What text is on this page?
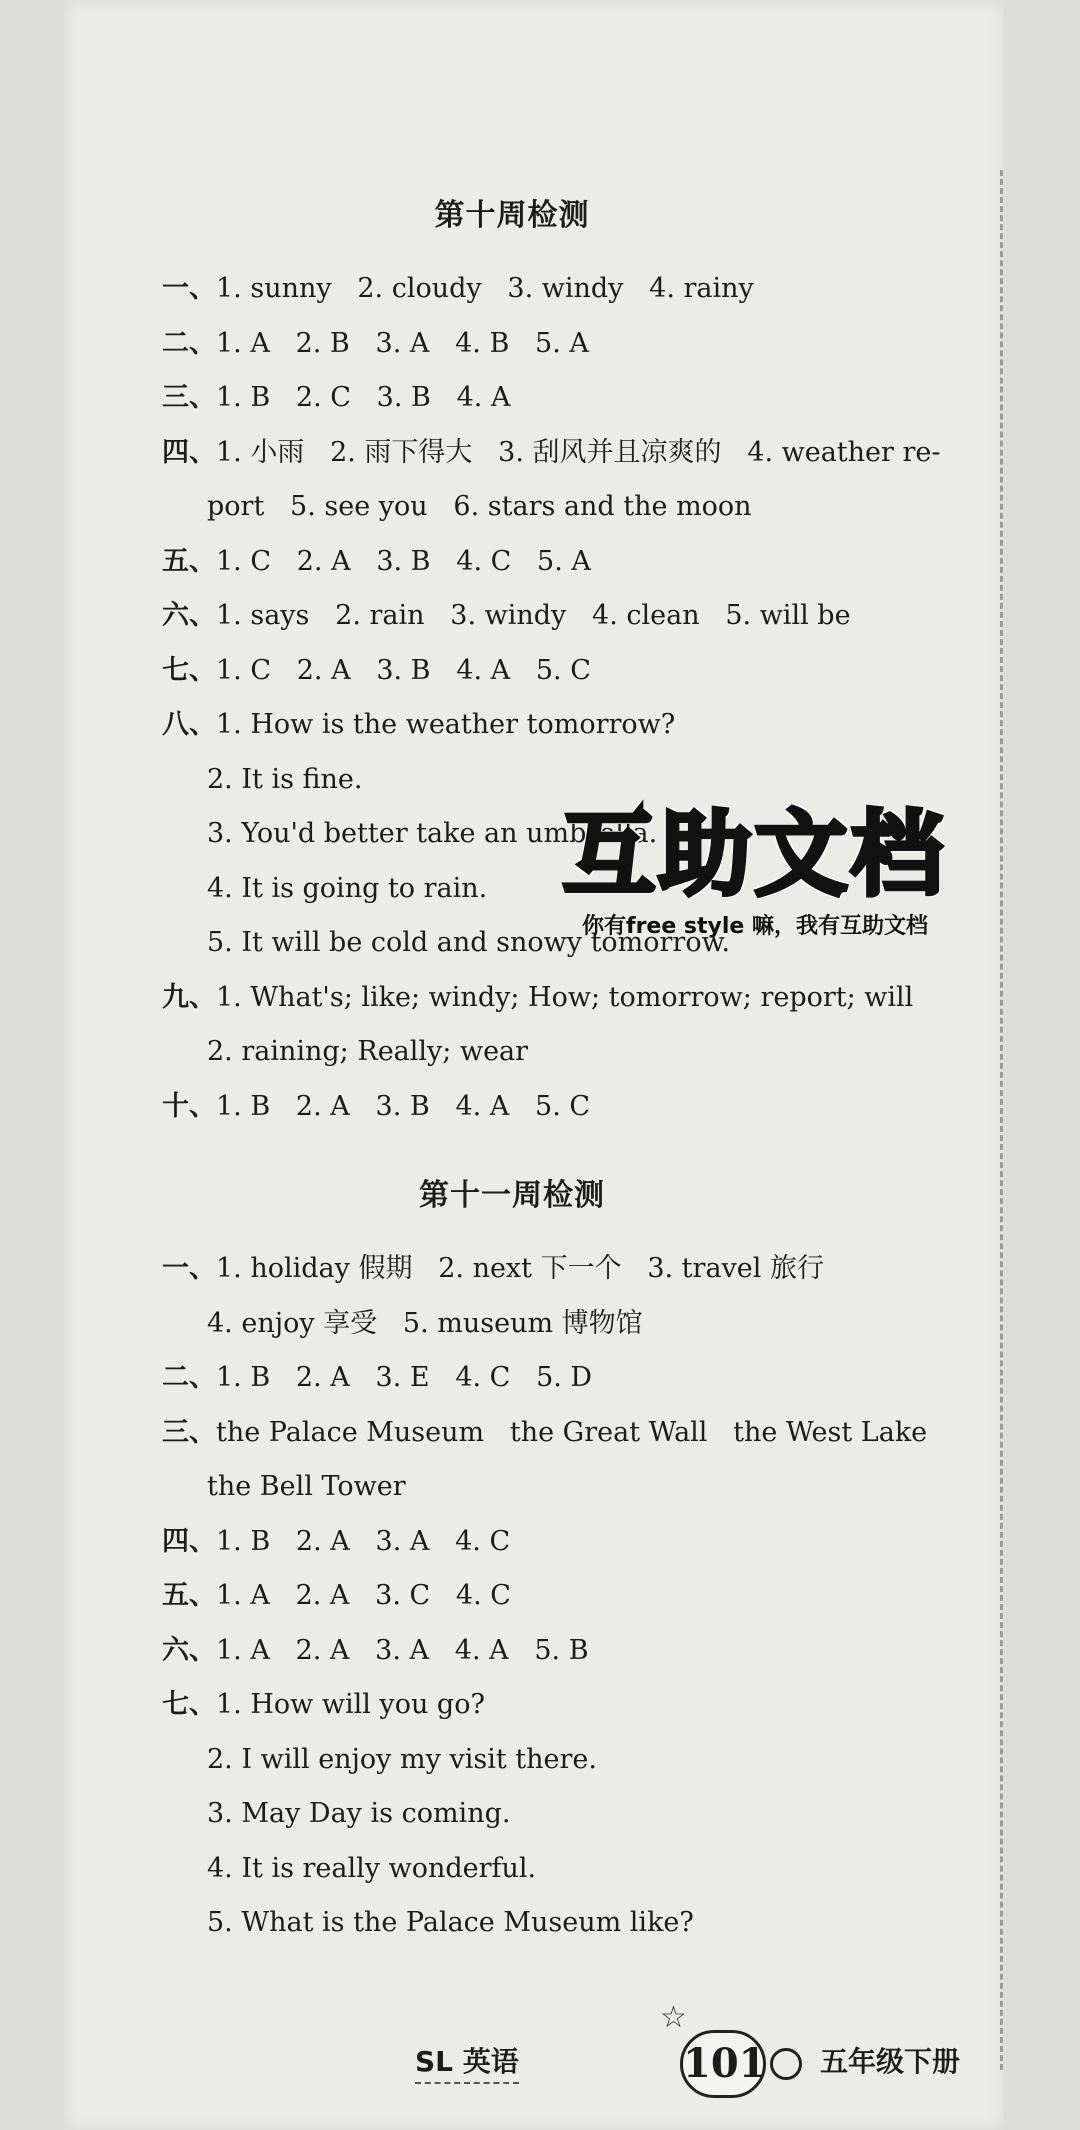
第十周检测
一、1. sunny   2. cloudy   3. windy   4. rainy
二、1. A   2. B   3. A   4. B   5. A
三、1. B   2. C   3. B   4. A
四、1. 小雨   2. 雨下得大   3. 刮风并且凉爽的   4. weather re-
port   5. see you   6. stars and the moon
五、1. C   2. A   3. B   4. C   5. A
六、1. says   2. rain   3. windy   4. clean   5. will be
七、1. C   2. A   3. B   4. A   5. C
八、1. How is the weather tomorrow?
2. It is fine.
3. You'd better take an umbrella.
4. It is going to rain.
5. It will be cold and snowy tomorrow.
九、1. What's; like; windy; How; tomorrow; report; will
2. raining; Really; wear
十、1. B   2. A   3. B   4. A   5. C
第十一周检测
一、1. holiday 假期   2. next 下一个   3. travel 旅行
4. enjoy 享受   5. museum 博物馆
二、1. B   2. A   3. E   4. C   5. D
三、the Palace Museum   the Great Wall   the West Lake
the Bell Tower
四、1. B   2. A   3. A   4. C
五、1. A   2. A   3. C   4. C
六、1. A   2. A   3. A   4. A   5. B
七、1. How will you go?
2. I will enjoy my visit there.
3. May Day is coming.
4. It is really wonderful.
5. What is the Palace Museum like?
互助文档
你有free style 嘛，我有互助文档
SL 英语
☆
101 五年级下册
